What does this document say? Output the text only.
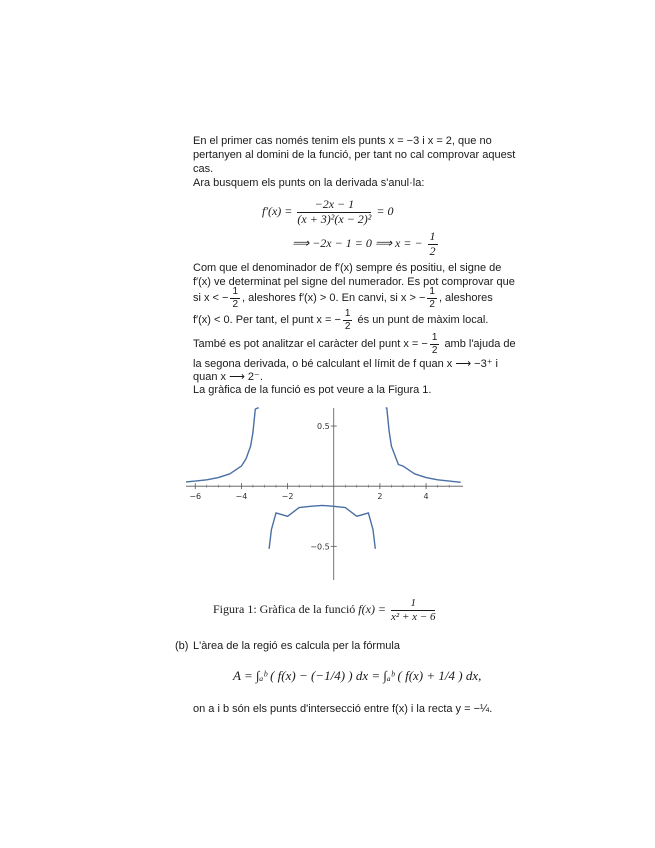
En el primer cas només tenim els punts x = −3 i x = 2, que no
pertanyen al domini de la funció, per tant no cal comprovar aquest
cas.
Ara busquem els punts on la derivada s'anul·la:
$f'(x) = \frac{-2x - 1}{\text{(x + 3)²(x − 2)²}} = 0$
⟹ −2x − 1 = 0 ⟹ x = − $\frac{1}{2}$
Com que el denominador de f′(x) sempre és positiu, el signe de
f′(x) ve determinat pel signe del numerador. Es pot comprovar que
si x < − $\frac{1}{2}$ , aleshores f′(x) > 0. En canvi, si x > − $\frac{1}{2}$ , aleshores
f′(x) < 0. Per tant, el punt x = − $\frac{1}{2}$ és un punt de màxim local.
També es pot analitzar el caràcter del punt x = − $\frac{1}{2}$ amb l'ajuda de
la segona derivada, o bé calculant el límit de f quan x ⟶ −3⁺ i
quan x ⟶ 2⁻.
La gràfica de la funció es pot veure a la Figura 1.
−6	−4	−2	2	4
0.5
−0.5
Figura 1: Gràfica de la funció $f(x) = \frac{1}{\text{x² + x − 6}}$
(b) L'àrea de la regió es calcula per la fórmula
A = ∫ₐᵇ ( f(x) − (−1/4) ) dx = ∫ₐᵇ ( f(x) + 1/4 ) dx,
on a i b són els punts d'intersecció entre f(x) i la recta y = −¼.
